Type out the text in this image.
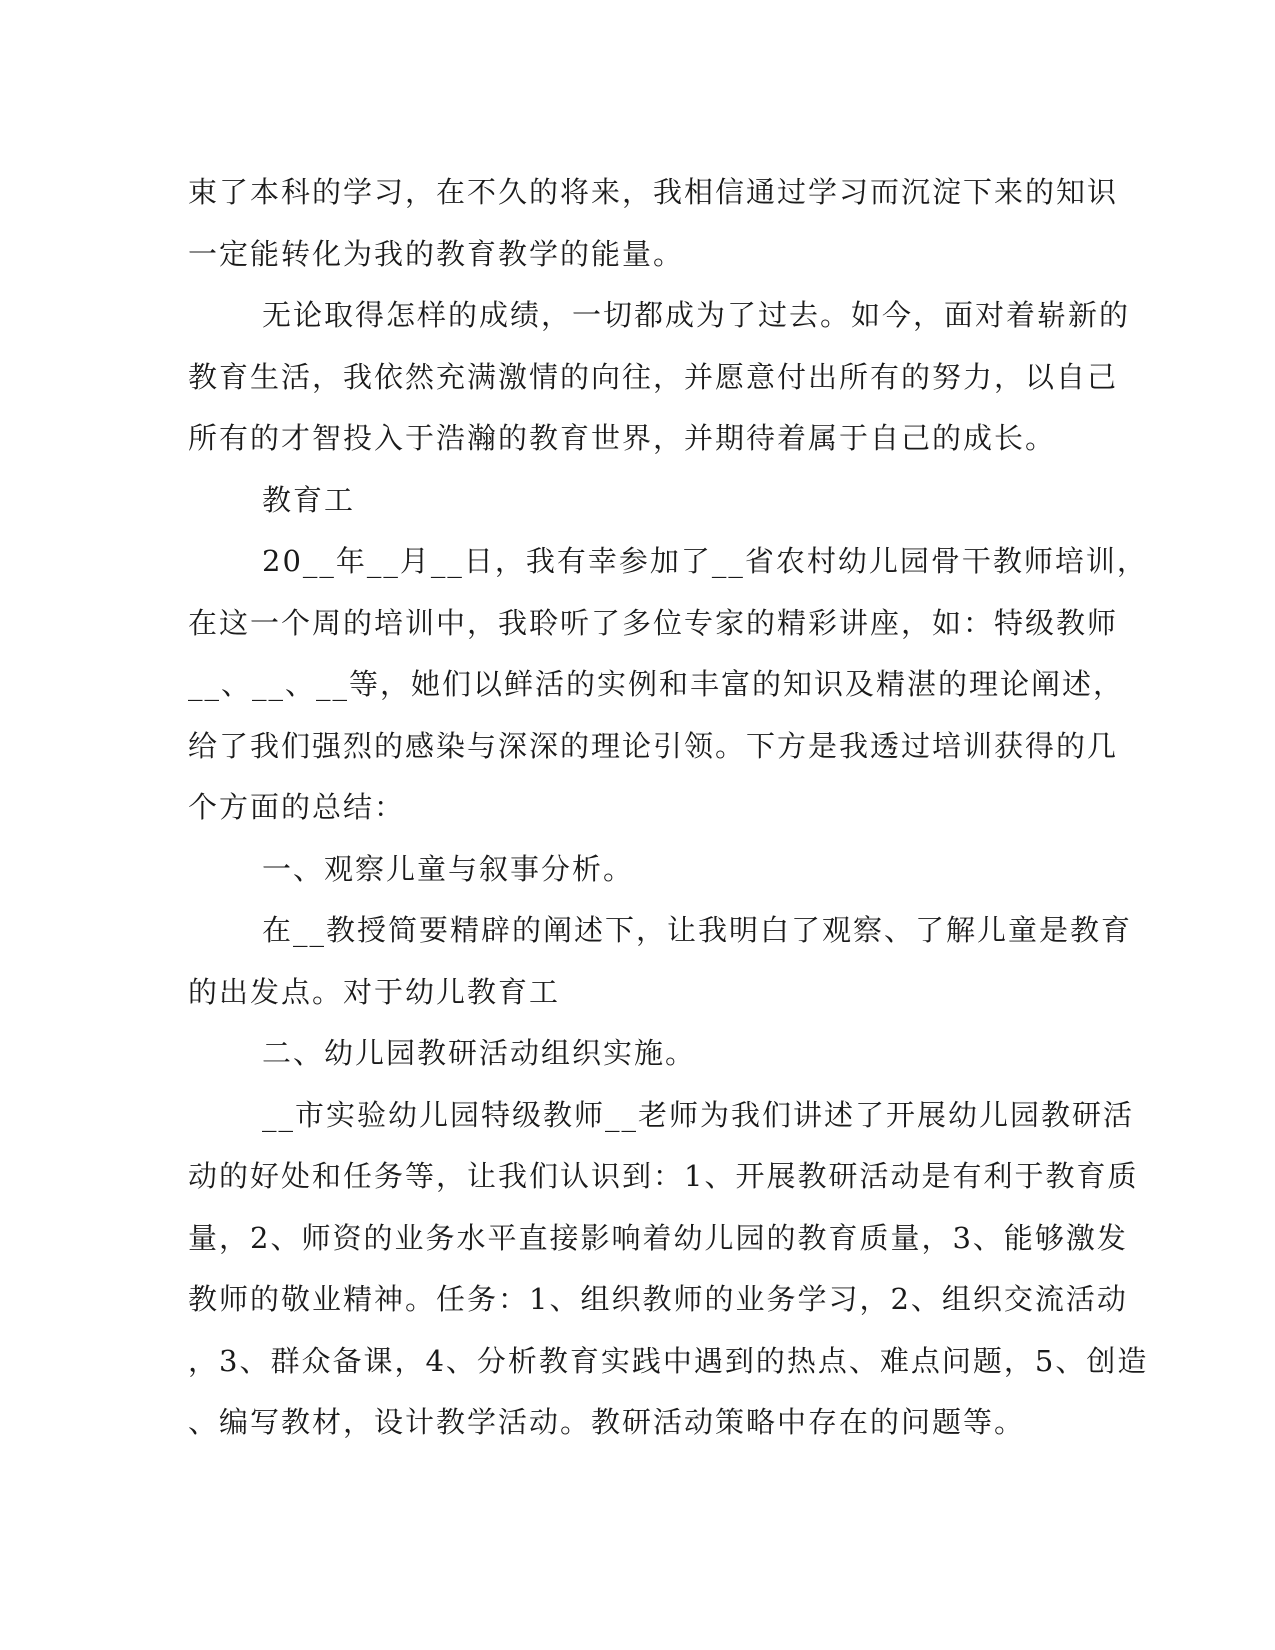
束了本科的学习，在不久的将来，我相信通过学习而沉淀下来的知识
一定能转化为我的教育教学的能量。
无论取得怎样的成绩，一切都成为了过去。如今，面对着崭新的
教育生活，我依然充满激情的向往，并愿意付出所有的努力，以自己
所有的才智投入于浩瀚的教育世界，并期待着属于自己的成长。
教育工
20__年__月__日，我有幸参加了__省农村幼儿园骨干教师培训，
在这一个周的培训中，我聆听了多位专家的精彩讲座，如：特级教师
__、__、__等，她们以鲜活的实例和丰富的知识及精湛的理论阐述，
给了我们强烈的感染与深深的理论引领。下方是我透过培训获得的几
个方面的总结：
一、观察儿童与叙事分析。
在__教授简要精辟的阐述下，让我明白了观察、了解儿童是教育
的出发点。对于幼儿教育工
二、幼儿园教研活动组织实施。
__市实验幼儿园特级教师__老师为我们讲述了开展幼儿园教研活
动的好处和任务等，让我们认识到：1、开展教研活动是有利于教育质
量，2、师资的业务水平直接影响着幼儿园的教育质量，3、能够激发
教师的敬业精神。任务：1、组织教师的业务学习，2、组织交流活动
，3、群众备课，4、分析教育实践中遇到的热点、难点问题，5、创造
、编写教材，设计教学活动。教研活动策略中存在的问题等。
